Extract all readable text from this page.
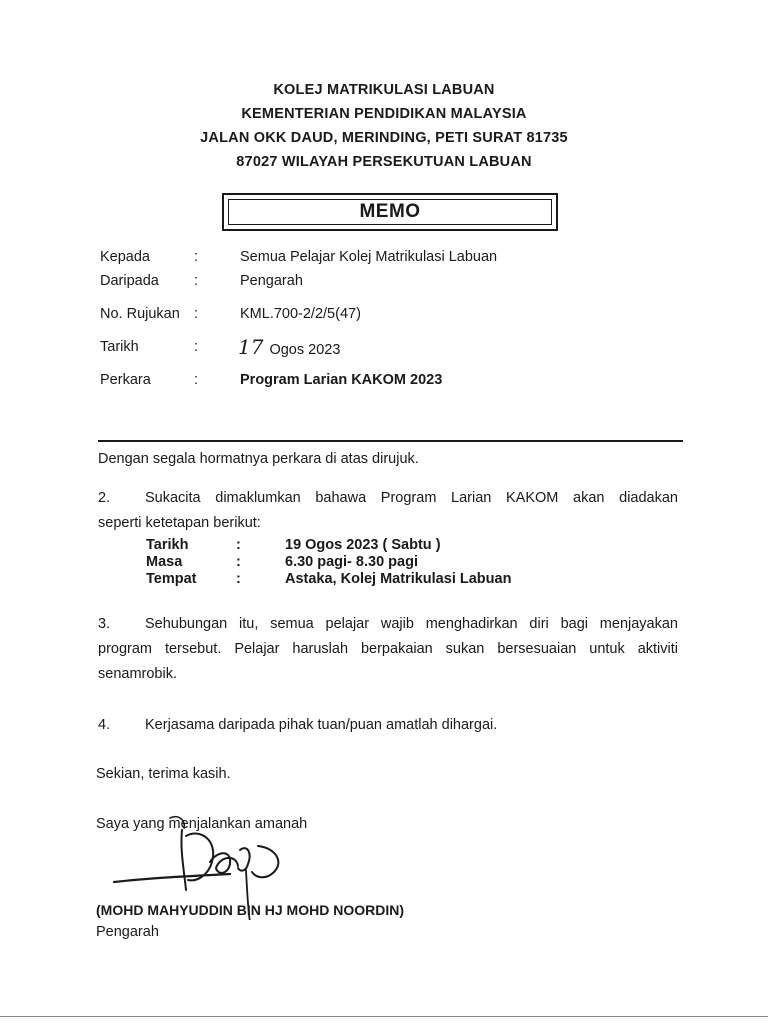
KOLEJ MATRIKULASI LABUAN
KEMENTERIAN PENDIDIKAN MALAYSIA
JALAN OKK DAUD, MERINDING, PETI SURAT 81735
87027 WILAYAH PERSEKUTUAN LABUAN
MEMO
Kepada	:	Semua Pelajar Kolej Matrikulasi Labuan
Daripada :	Pengarah
No. Rujukan :	KML.700-2/2/5(47)
Tarikh	: 17 Ogos 2023
Perkara	:	Program Larian KAKOM 2023
Dengan segala hormatnya perkara di atas dirujuk.
2. Sukacita dimaklumkan bahawa Program Larian KAKOM akan diadakan
seperti ketetapan berikut:
Tarikh	:	19 Ogos 2023 ( Sabtu )
Masa	:	6.30 pagi- 8.30 pagi
Tempat	:	Astaka, Kolej Matrikulasi Labuan
3. Sehubungan itu, semua pelajar wajib menghadirkan diri bagi menjayakan
program tersebut. Pelajar haruslah berpakaian sukan bersesuaian untuk aktiviti
senamrobik.
4. Kerjasama daripada pihak tuan/puan amatlah dihargai.
Sekian, terima kasih.
Saya yang menjalankan amanah
(MOHD MAHYUDDIN BIN HJ MOHD NOORDIN)
Pengarah
